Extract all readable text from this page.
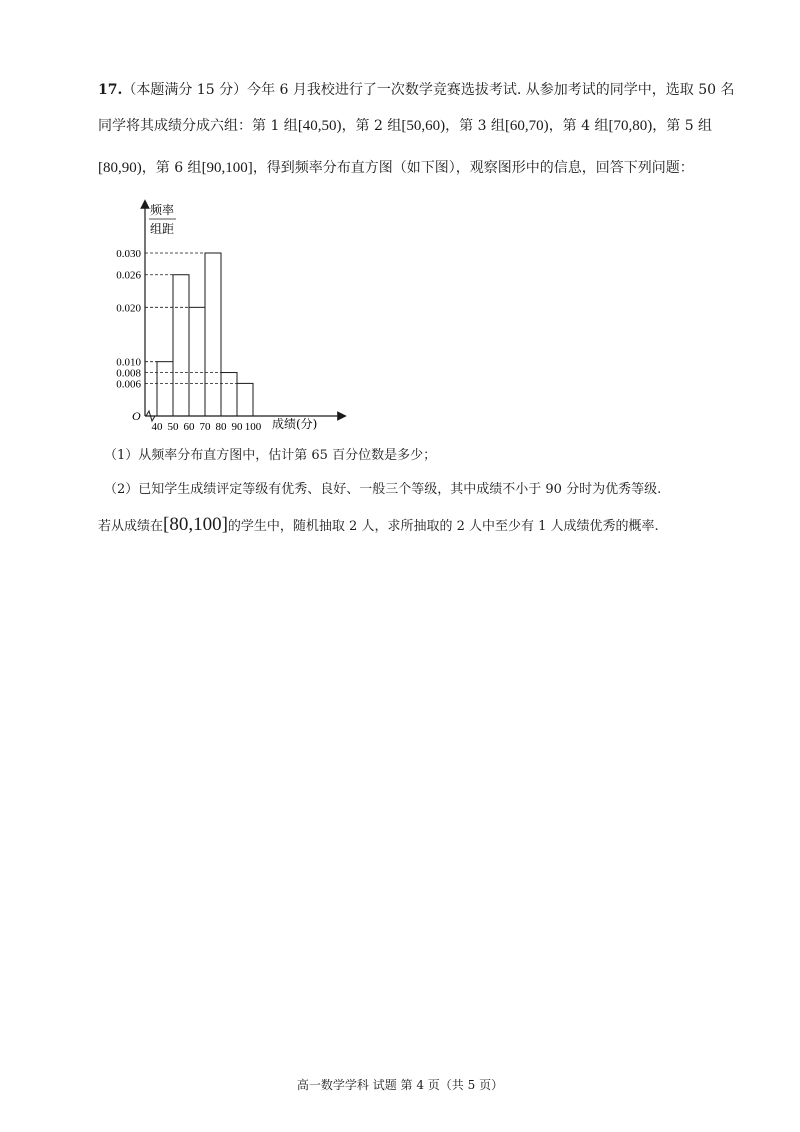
17.（本题满分 15 分）今年 6 月我校进行了一次数学竞赛选拔考试. 从参加考试的同学中，选取 50 名
同学将其成绩分成六组：第 1 组[40,50)，第 2 组[50,60)，第 3 组[60,70)，第 4 组[70,80)，第 5 组
[80,90)，第 6 组[90,100]，得到频率分布直方图（如下图），观察图形中的信息，回答下列问题：
O
频率
组距
成绩(分)
0.030
0.026
0.020
0.010
0.008
0.006
40 50 60 70 80 90 100
（1）从频率分布直方图中，估计第 65 百分位数是多少；
（2）已知学生成绩评定等级有优秀、良好、一般三个等级，其中成绩不小于 90 分时为优秀等级.
若从成绩在[80,100]的学生中，随机抽取 2 人，求所抽取的 2 人中至少有 1 人成绩优秀的概率.
高一数学学科 试题 第 4 页（共 5 页）
